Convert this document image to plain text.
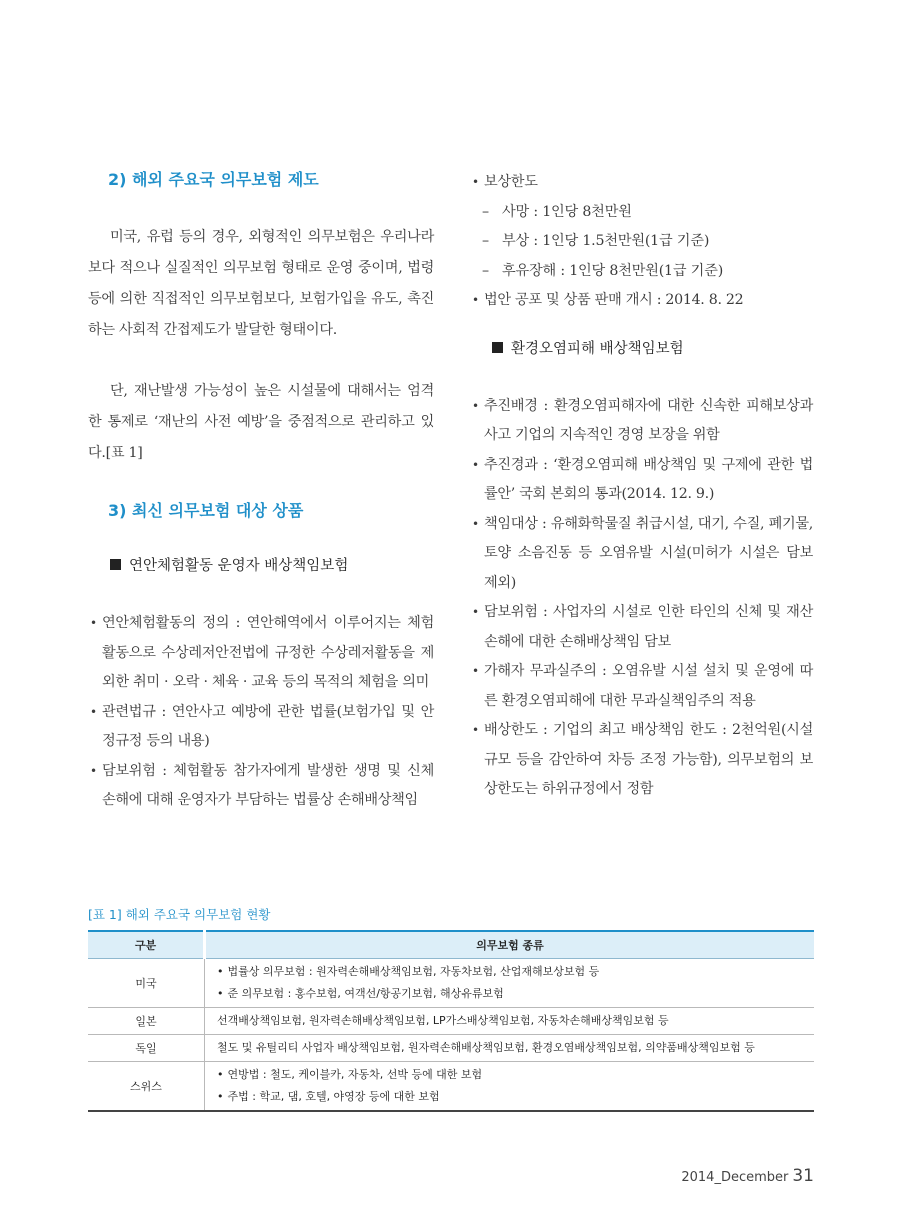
2) 해외 주요국 의무보험 제도

미국, 유럽 등의 경우, 외형적인 의무보험은 우리나라보다 적으나 실질적인 의무보험 형태로 운영 중이며, 법령 등에 의한 직접적인 의무보험보다, 보험가입을 유도, 촉진하는 사회적 간접제도가 발달한 형태이다.

단, 재난발생 가능성이 높은 시설물에 대해서는 엄격한 통제로 ‘재난의 사전 예방’을 중점적으로 관리하고 있다.[표 1]

3) 최신 의무보험 대상 상품
연안체험활동 운영자 배상책임보험
• 연안체험활동의 정의 : 연안해역에서 이루어지는 체험활동으로 수상레저안전법에 규정한 수상레저활동을 제외한 취미 · 오락 · 체육 · 교육 등의 목적의 체험을 의미
• 관련법규 : 연안사고 예방에 관한 법률(보험가입 및 안정규정 등의 내용)
• 담보위험 : 체험활동 참가자에게 발생한 생명 및 신체 손해에 대해 운영자가 부담하는 법률상 손해배상책임
• 보상한도
– 사망 : 1인당 8천만원
– 부상 : 1인당 1.5천만원(1급 기준)
– 후유장해 : 1인당 8천만원(1급 기준)
• 법안 공포 및 상품 판매 개시 : 2014. 8. 22
환경오염피해 배상책임보험
• 추진배경 : 환경오염피해자에 대한 신속한 피해보상과 사고 기업의 지속적인 경영 보장을 위함
• 추진경과 : ‘환경오염피해 배상책임 및 구제에 관한 법률안’ 국회 본회의 통과(2014. 12. 9.)
• 책임대상 : 유해화학물질 취급시설, 대기, 수질, 폐기물, 토양 소음진동 등 오염유발 시설(미허가 시설은 담보 제외)
• 담보위험 : 사업자의 시설로 인한 타인의 신체 및 재산 손해에 대한 손해배상책임 담보
• 가해자 무과실주의 : 오염유발 시설 설치 및 운영에 따른 환경오염피해에 대한 무과실책임주의 적용
• 배상한도 : 기업의 최고 배상책임 한도 : 2천억원(시설 규모 등을 감안하여 차등 조정 가능함), 의무보험의 보상한도는 하위규정에서 정함
[표 1] 해외 주요국 의무보험 현황
구분	의무보험 종류
미국	• 법률상 의무보험 : 원자력손해배상책임보험, 자동차보험, 산업재해보상보험 등
• 준 의무보험 : 홍수보험, 여객선/항공기보험, 해상유류보험

일본	선객배상책임보험, 원자력손해배상책임보험, LP가스배상책임보험, 자동차손해배상책임보험 등

독일	철도 및 유틸리티 사업자 배상책임보험, 원자력손해배상책임보험, 환경오염배상책임보험, 의약품배상책임보험 등

스위스	• 연방법 : 철도, 케이블카, 자동차, 선박 등에 대한 보험
• 주법 : 학교, 댐, 호텔, 야영장 등에 대한 보험
2014_December 31
